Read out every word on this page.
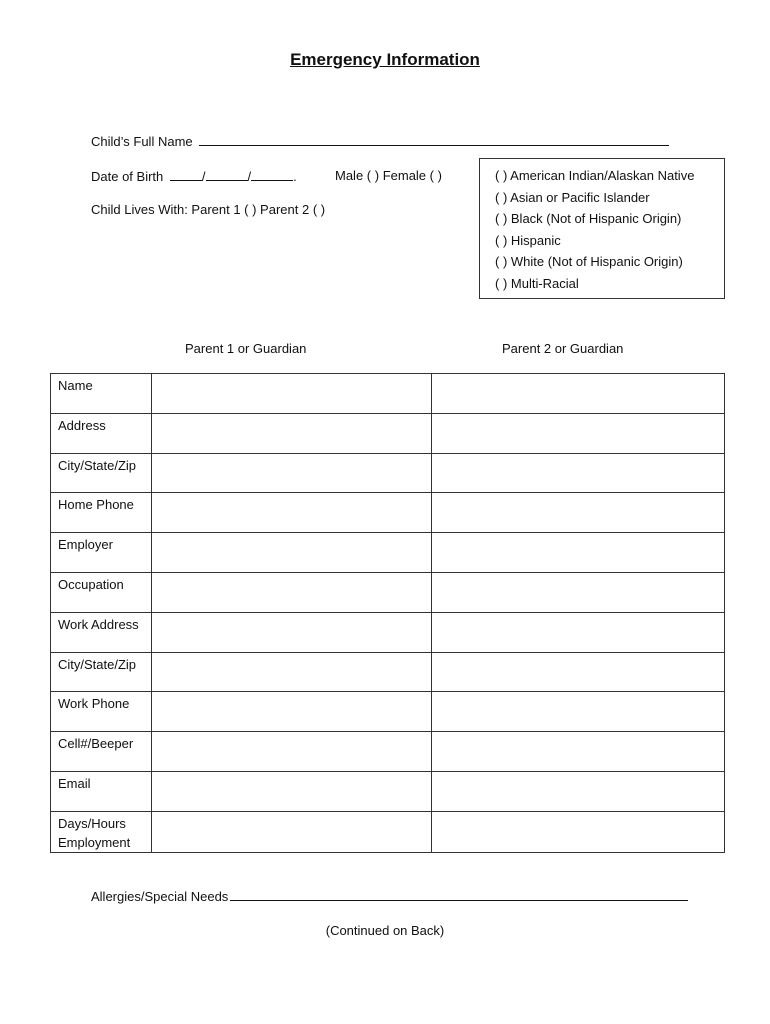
Emergency Information
Child’s Full Name
Date of Birth	/	/	.	Male ( ) Female ( )
Child Lives With: Parent 1 ( ) Parent 2 ( )
( ) American Indian/Alaskan Native
( ) Asian or Pacific Islander
( ) Black (Not of Hispanic Origin)
( ) Hispanic
( ) White (Not of Hispanic Origin)
( ) Multi-Racial
Parent 1 or Guardian	Parent 2 or Guardian
Name		
Address		
City/State/Zip		
Home Phone		
Employer		
Occupation		
Work Address		
City/State/Zip		
Work Phone		
Cell#/Beeper		
Email		
Days/Hours Employment		
Allergies/Special Needs
(Continued on Back)
